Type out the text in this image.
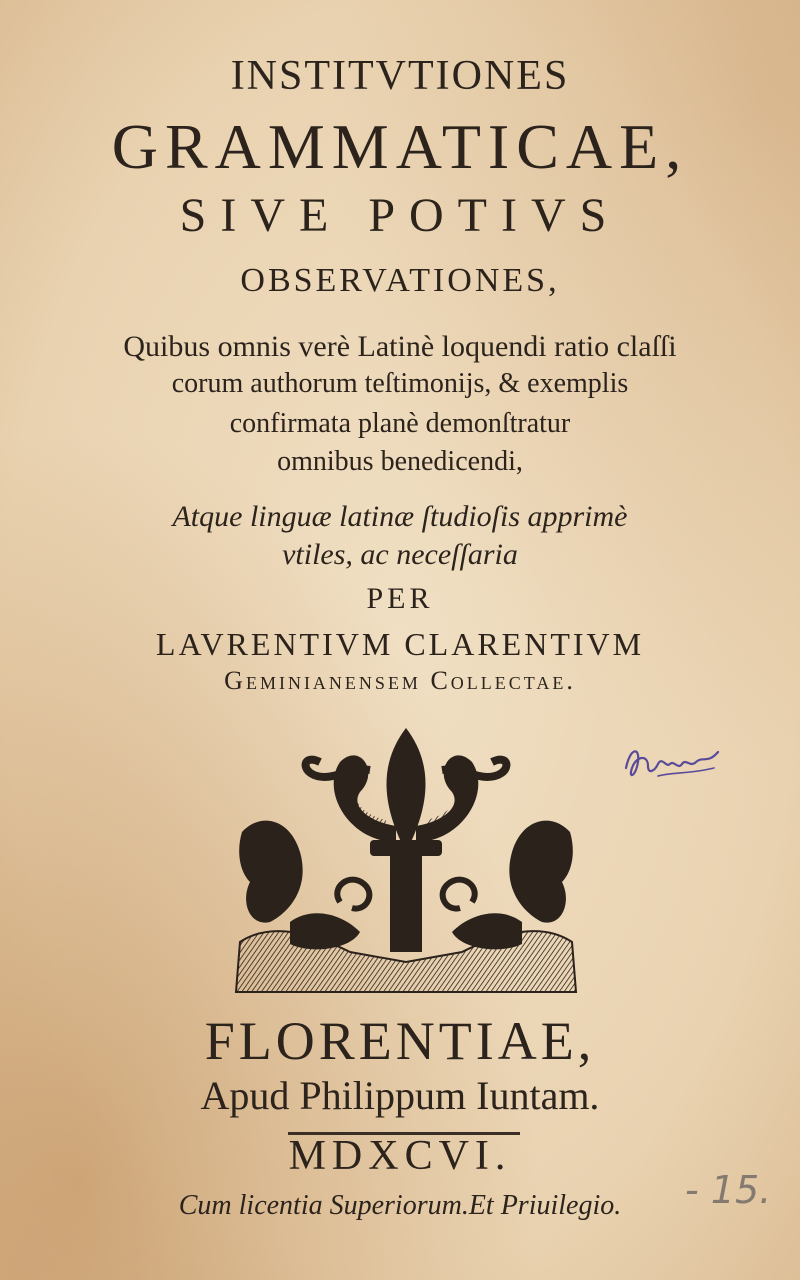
INSTITVTIONES
GRAMMATICAE,
SIVE POTIVS
OBSERVATIONES,
Quibus omnis verè Latinè loquendi ratio claſſi
corum authorum teſtimonijs, & exemplis
confirmata planè demonſtratur
omnibus benedicendi,
Atque linguæ latinæ ſtudioſis apprimè
vtiles, ac neceſſaria
PER
LAVRENTIVM CLARENTIVM
Geminianensem Collectae.
FLORENTIAE,
Apud Philippum Iuntam.
MDXCVI.
Cum licentia Superiorum.Et Priuilegio.	- 15.
